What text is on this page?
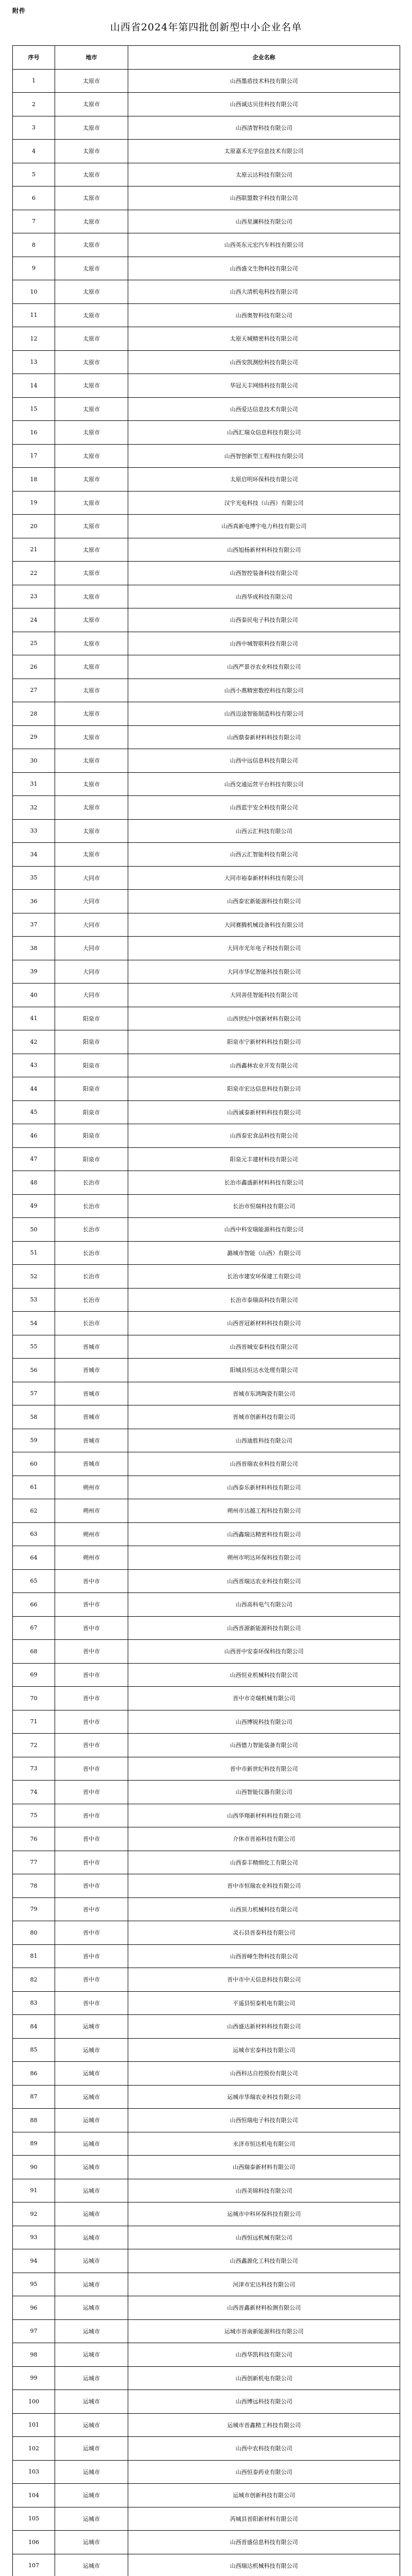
附件
山西省2024年第四批创新型中小企业名单
序号	地市	企业名称
1	太原市	山西墨盾技术科技有限公司
2	太原市	山西诚达贝佳科技有限公司
3	太原市	山西清智科技有限公司
4	太原市	太原嘉禾光学信息技术有限公司
5	太原市	太原云达科技有限公司
6	太原市	山西联盟数字科技有限公司
7	太原市	山西星澜科技有限公司
8	太原市	山西英东元宏汽车科技有限公司
9	太原市	山西盛文生物科技有限公司
10	太原市	山西大清机电科技有限公司
11	太原市	山西奥智科技有限公司
12	太原市	太原天城精密科技有限公司
13	太原市	山西安凯测绘科技有限公司
14	太原市	华冠天丰网络科技有限公司
15	太原市	山西爱达信息技术有限公司
16	太原市	山西汇瑞众信息科技有限公司
17	太原市	山西智创新型工程科技有限公司
18	太原市	太原启明环保科技有限公司
19	太原市	汉宇光电科技（山西）有限公司
20	太原市	山西真新电博宇电力科技有限公司
21	太原市	山西旭杨新材料科技有限公司
22	太原市	山西智控装备科技有限公司
23	太原市	山西华成科技有限公司
24	太原市	山西泰民电子科技有限公司
25	太原市	山西中城智联科技有限公司
26	太原市	山西严景谷农业科技有限公司
27	太原市	山西小燕精密数控科技有限公司
28	太原市	山西迈途智能制造科技有限公司
29	太原市	山西鼎泰新材料科技有限公司
30	太原市	山西中远信息科技有限公司
31	太原市	山西交通运营平台科技有限公司
32	太原市	山西蓝宇安全科技有限公司
33	太原市	山西云汇科技有限公司
34	太原市	山西云汇智能科技有限公司
35	大同市	大同市裕泰新材料科技有限公司
36	大同市	山西泰宏新能源科技有限公司
37	大同市	大同赛腾机械设备科技有限公司
38	大同市	大同市光年电子科技有限公司
39	大同市	大同市华亿智能科技有限公司
40	大同市	大同善佳智能科技有限公司
41	阳泉市	山西世纪中创新材料有限公司
42	阳泉市	阳泉市宁新材料科技有限公司
43	阳泉市	山西鑫林农业开发有限公司
44	阳泉市	阳泉市宏达信息科技有限公司
45	阳泉市	山西诚泰新材料科技有限公司
46	阳泉市	山西泰宏食品科技有限公司
47	阳泉市	阳泉元丰建材科技有限公司
48	长治市	长治市鑫盛新材料科技有限公司
49	长治市	长治市恒瑞科技有限公司
50	长治市	山西中科安瑞能源科技有限公司
51	长治市	潞城市智能（山西）有限公司
52	长治市	长治市建安环保建工有限公司
53	长治市	长治市泰瑞高科技有限公司
54	长治市	山西晋冠新材料科技有限公司
55	晋城市	山西晋城安泰科技有限公司
56	晋城市	阳城县恒达水处理有限公司
57	晋城市	晋城市东鸿陶瓷有限公司
58	晋城市	晋城市创新科技有限公司
59	晋城市	山西迪胜科技有限公司
60	晋城市	山西晋瑞农业科技有限公司
61	朔州市	山西泰乐新材料科技有限公司
62	朔州市	朔州市达越工程科技有限公司
63	朔州市	山西鑫瑞达精密科技有限公司
64	朔州市	朔州市明达环保科技有限公司
65	晋中市	山西晋瑞达农业科技有限公司
66	晋中市	山西高科电气有限公司
67	晋中市	山西晋源新能源科技有限公司
68	晋中市	山西晋中安泰环保科技有限公司
69	晋中市	山西恒业机械科技有限公司
70	晋中市	晋中市奇瑞机械有限公司
71	晋中市	山西博锐科技有限公司
72	晋中市	山西德力智能装备有限公司
73	晋中市	晋中市新世纪科技有限公司
74	晋中市	山西智能仪器有限公司
75	晋中市	山西华翔新材料科技有限公司
76	晋中市	介休市晋裕科技有限公司
77	晋中市	山西泰丰精细化工有限公司
78	晋中市	晋中市恒瑞农业科技有限公司
79	晋中市	山西顶力机械科技有限公司
80	晋中市	灵石县晋泰科技有限公司
81	晋中市	山西晋峰生物科技有限公司
82	晋中市	晋中市中天信息科技有限公司
83	晋中市	平遥县恒泰机电有限公司
84	运城市	山西盛达新材料科技有限公司
85	运城市	运城市宏泰科技有限公司
86	运城市	山西科达自控股份有限公司
87	运城市	运城市华瑞农业科技有限公司
88	运城市	山西恒瑞电子科技有限公司
89	运城市	永济市恒达机电有限公司
90	运城市	山西瑞泰新材料有限公司
91	运城市	山西美锦科技有限公司
92	运城市	运城市中科环保科技有限公司
93	运城市	山西恒远机械有限公司
94	运城市	山西鑫源化工科技有限公司
95	运城市	河津市宏达科技有限公司
96	运城市	山西晋鑫新材料检测有限公司
97	运城市	运城市晋南新能源科技有限公司
98	运城市	山西华凯科技有限公司
99	运城市	山西创新机电有限公司
100	运城市	山西博远科技有限公司
101	运城市	运城市晋鑫精工科技有限公司
102	运城市	山西中农科技有限公司
103	运城市	山西恒泰药业有限公司
104	运城市	运城市创新科技有限公司
105	运城市	芮城县晋阳新材料有限公司
106	运城市	山西晋盛信息科技有限公司
107	运城市	山西瑞达机械科技有限公司
